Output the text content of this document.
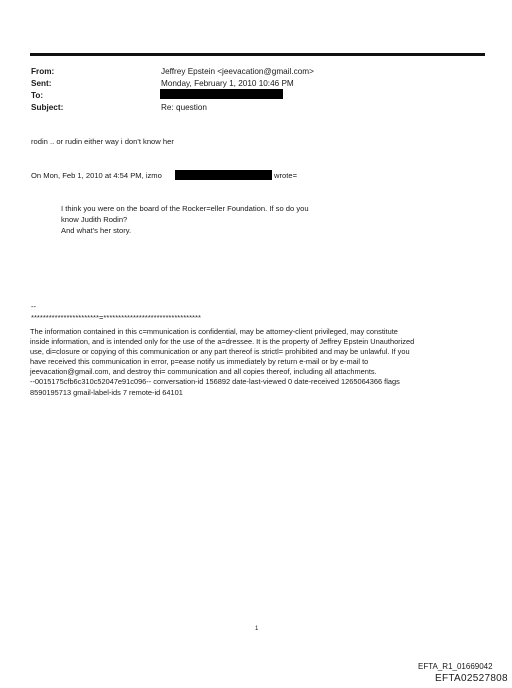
From:	Jeffrey Epstein <jeevacation@gmail.com>
Sent:	Monday, February 1, 2010 10:46 PM
To:
Subject:	Re: question
rodin .. or rudin either way i don't know her
On Mon, Feb 1, 2010 at 4:54 PM, izmo	wrote=
I think you were on the board of the Rocker=eller Foundation. If so do you
know Judith Rodin?
And what's her story.
--
***********************=*********************************
The information contained in this c=mmunication is confidential, may be attorney-client privileged, may constitute
inside information, and is intended only for the use of the a=dressee. It is the property of Jeffrey Epstein Unauthorized
use, di=closure or copying of this communication or any part thereof is strictl= prohibited and may be unlawful. If you
have received this communication in error, p=ease notify us immediately by return e-mail or by e-mail to
jeevacation@gmail.com, and destroy thi= communication and all copies thereof, including all attachments.
--0015175cfb6c310c52047e91c096-- conversation-id 156892 date-last-viewed 0 date-received 1265064366 flags
8590195713 gmail-label-ids 7 remote-id 64101
1
EFTA_R1_01669042
EFTA02527808
